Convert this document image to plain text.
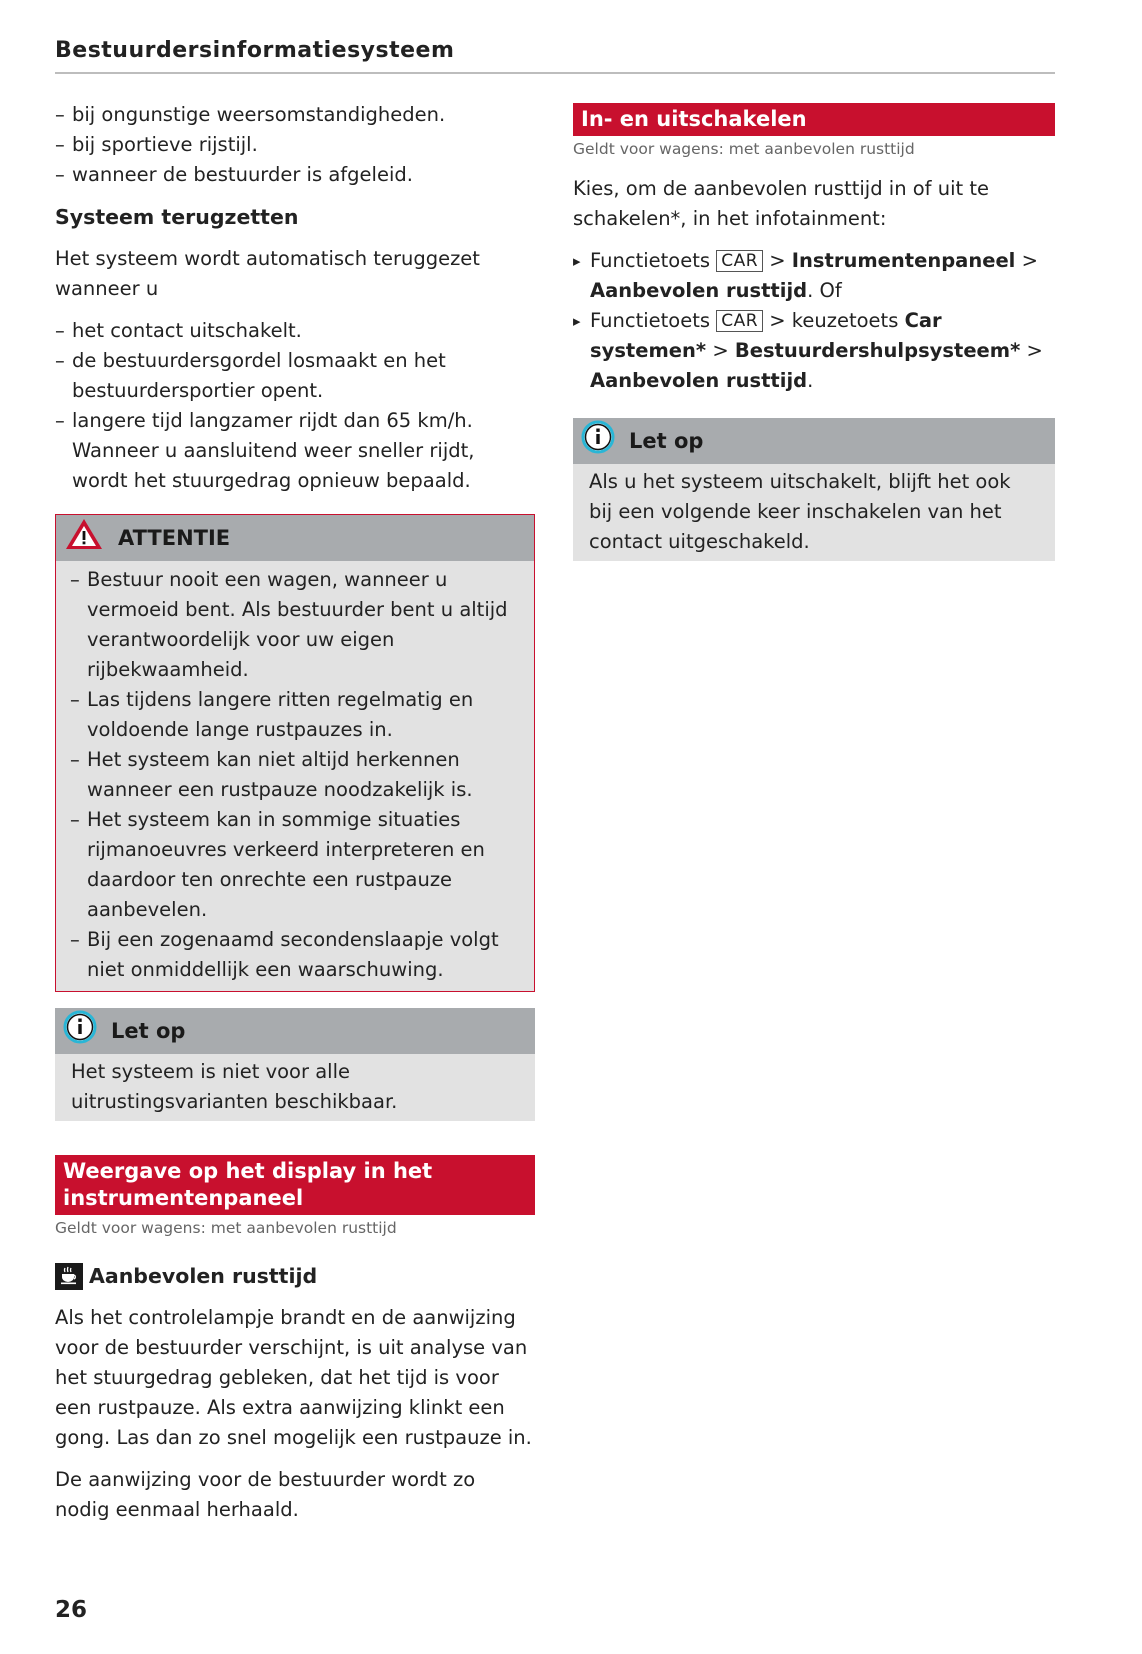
Bestuurdersinformatiesysteem
– bij ongunstige weersomstandigheden.
– bij sportieve rijstijl.
– wanneer de bestuurder is afgeleid.
Systeem terugzetten

Het systeem wordt automatisch teruggezet wanneer u

– het contact uitschakelt.
– de bestuurdersgordel losmaakt en het bestuurdersportier opent.
– langere tijd langzamer rijdt dan 65 km/h. Wanneer u aansluitend weer sneller rijdt, wordt het stuurgedrag opnieuw bepaald.
ATTENTIE
– Bestuur nooit een wagen, wanneer u vermoeid bent. Als bestuurder bent u altijd verantwoordelijk voor uw eigen rijbekwaamheid.
– Las tijdens langere ritten regelmatig en voldoende lange rustpauzes in.
– Het systeem kan niet altijd herkennen wanneer een rustpauze noodzakelijk is.
– Het systeem kan in sommige situaties rijmanoeuvres verkeerd interpreteren en daardoor ten onrechte een rustpauze aanbevelen.
– Bij een zogenaamd secondenslaapje volgt niet onmiddellijk een waarschuwing.
Let op

Het systeem is niet voor alle uitrustingsvarianten beschikbaar.

Weergave op het display in het instrumentenpaneel
Geldt voor wagens: met aanbevolen rusttijd
Aanbevolen rusttijd

Als het controlelampje brandt en de aanwijzing voor de bestuurder verschijnt, is uit analyse van het stuurgedrag gebleken, dat het tijd is voor een rustpauze. Als extra aanwijzing klinkt een gong. Las dan zo snel mogelijk een rustpauze in.

De aanwijzing voor de bestuurder wordt zo nodig eenmaal herhaald.

In- en uitschakelen
Geldt voor wagens: met aanbevolen rusttijd

Kies, om de aanbevolen rusttijd in of uit te schakelen*, in het infotainment:

▸ Functietoets CAR > Instrumentenpaneel > Aanbevolen rusttijd. Of
▸ Functietoets CAR > keuzetoets Car systemen* > Bestuurdershulpsysteem* > Aanbevolen rusttijd.
Let op

Als u het systeem uitschakelt, blijft het ook bij een volgende keer inschakelen van het contact uitgeschakeld.

26
